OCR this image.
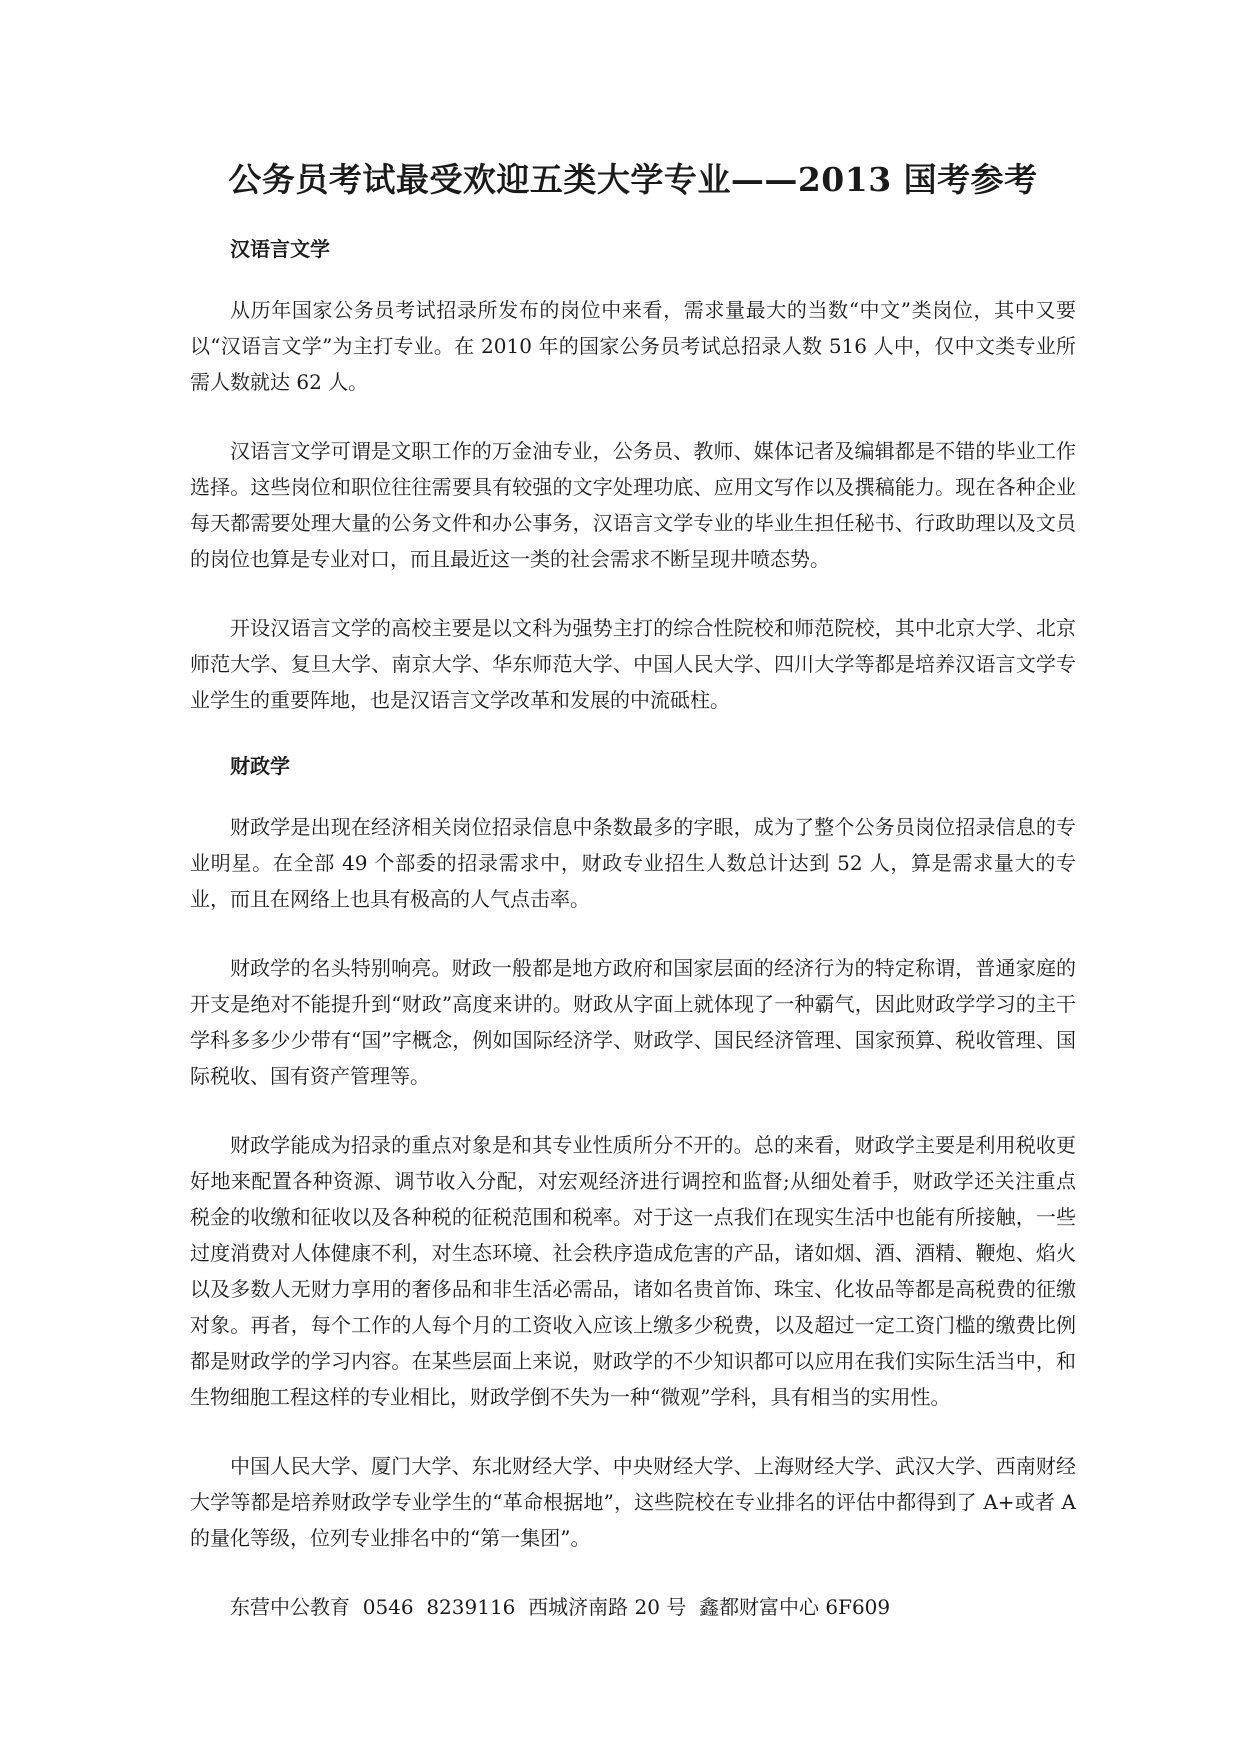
公务员考试最受欢迎五类大学专业——2013 国考参考
汉语言文学

从历年国家公务员考试招录所发布的岗位中来看，需求量最大的当数“中文”类岗位，其中又要以“汉语言文学”为主打专业。在 2010 年的国家公务员考试总招录人数 516 人中，仅中文类专业所需人数就达 62 人。

汉语言文学可谓是文职工作的万金油专业，公务员、教师、媒体记者及编辑都是不错的毕业工作选择。这些岗位和职位往往需要具有较强的文字处理功底、应用文写作以及撰稿能力。现在各种企业每天都需要处理大量的公务文件和办公事务，汉语言文学专业的毕业生担任秘书、行政助理以及文员的岗位也算是专业对口，而且最近这一类的社会需求不断呈现井喷态势。

开设汉语言文学的高校主要是以文科为强势主打的综合性院校和师范院校，其中北京大学、北京师范大学、复旦大学、南京大学、华东师范大学、中国人民大学、四川大学等都是培养汉语言文学专业学生的重要阵地，也是汉语言文学改革和发展的中流砥柱。

财政学

财政学是出现在经济相关岗位招录信息中条数最多的字眼，成为了整个公务员岗位招录信息的专业明星。在全部 49 个部委的招录需求中，财政专业招生人数总计达到 52 人，算是需求量大的专业，而且在网络上也具有极高的人气点击率。

财政学的名头特别响亮。财政一般都是地方政府和国家层面的经济行为的特定称谓，普通家庭的开支是绝对不能提升到“财政”高度来讲的。财政从字面上就体现了一种霸气，因此财政学学习的主干学科多多少少带有“国”字概念，例如国际经济学、财政学、国民经济管理、国家预算、税收管理、国际税收、国有资产管理等。

财政学能成为招录的重点对象是和其专业性质所分不开的。总的来看，财政学主要是利用税收更好地来配置各种资源、调节收入分配，对宏观经济进行调控和监督;从细处着手，财政学还关注重点税金的收缴和征收以及各种税的征税范围和税率。对于这一点我们在现实生活中也能有所接触，一些过度消费对人体健康不利，对生态环境、社会秩序造成危害的产品，诸如烟、酒、酒精、鞭炮、焰火以及多数人无财力享用的奢侈品和非生活必需品，诸如名贵首饰、珠宝、化妆品等都是高税费的征缴对象。再者，每个工作的人每个月的工资收入应该上缴多少税费，以及超过一定工资门槛的缴费比例都是财政学的学习内容。在某些层面上来说，财政学的不少知识都可以应用在我们实际生活当中，和生物细胞工程这样的专业相比，财政学倒不失为一种“微观”学科，具有相当的实用性。

中国人民大学、厦门大学、东北财经大学、中央财经大学、上海财经大学、武汉大学、西南财经大学等都是培养财政学专业学生的“革命根据地”，这些院校在专业排名的评估中都得到了 A+或者 A 的量化等级，位列专业排名中的“第一集团”。

东营中公教育  0546  8239116  西城济南路 20 号  鑫都财富中心 6F609
